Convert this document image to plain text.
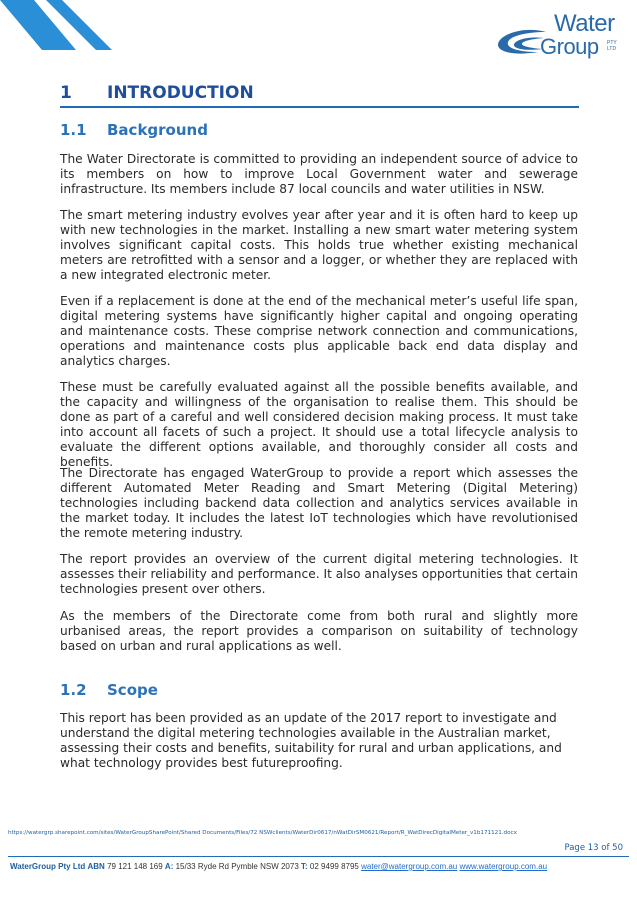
Water
Group PTY LTD
1 INTRODUCTION
1.1 Background

The Water Directorate is committed to providing an independent source of advice to its members on how to improve Local Government water and sewerage infrastructure. Its members include 87 local councils and water utilities in NSW.

The smart metering industry evolves year after year and it is often hard to keep up with new technologies in the market. Installing a new smart water metering system involves significant capital costs. This holds true whether existing mechanical meters are retrofitted with a sensor and a logger, or whether they are replaced with a new integrated electronic meter.

Even if a replacement is done at the end of the mechanical meter’s useful life span, digital metering systems have significantly higher capital and ongoing operating and maintenance costs. These comprise network connection and communications, operations and maintenance costs plus applicable back end data display and analytics charges.

These must be carefully evaluated against all the possible benefits available, and the capacity and willingness of the organisation to realise them. This should be done as part of a careful and well considered decision making process. It must take into account all facets of such a project. It should use a total lifecycle analysis to evaluate the different options available, and thoroughly consider all costs and benefits.

The Directorate has engaged WaterGroup to provide a report which assesses the different Automated Meter Reading and Smart Metering (Digital Metering) technologies including backend data collection and analytics services available in the market today. It includes the latest IoT technologies which have revolutionised the remote metering industry.

The report provides an overview of the current digital metering technologies. It assesses their reliability and performance. It also analyses opportunities that certain technologies present over others.

As the members of the Directorate come from both rural and slightly more urbanised areas, the report provides a comparison on suitability of technology based on urban and rural applications as well.

1.2 Scope

This report has been provided as an update of the 2017 report to investigate and understand the digital metering technologies available in the Australian market, assessing their costs and benefits, suitability for rural and urban applications, and what technology provides best futureproofing.

https://watergrp.sharepoint.com/sites/WaterGroupSharePoint/Shared Documents/Files/72 NSWclients/WaterDir0617/nWatDirSM0621/Report/R_WatDirecDigitalMeter_v1b171121.docx
Page 13 of 50
WaterGroup Pty Ltd ABN 79 121 148 169 A: 15/33 Ryde Rd Pymble NSW 2073 T: 02 9499 8795 water@watergroup.com.au www.watergroup.com.au
